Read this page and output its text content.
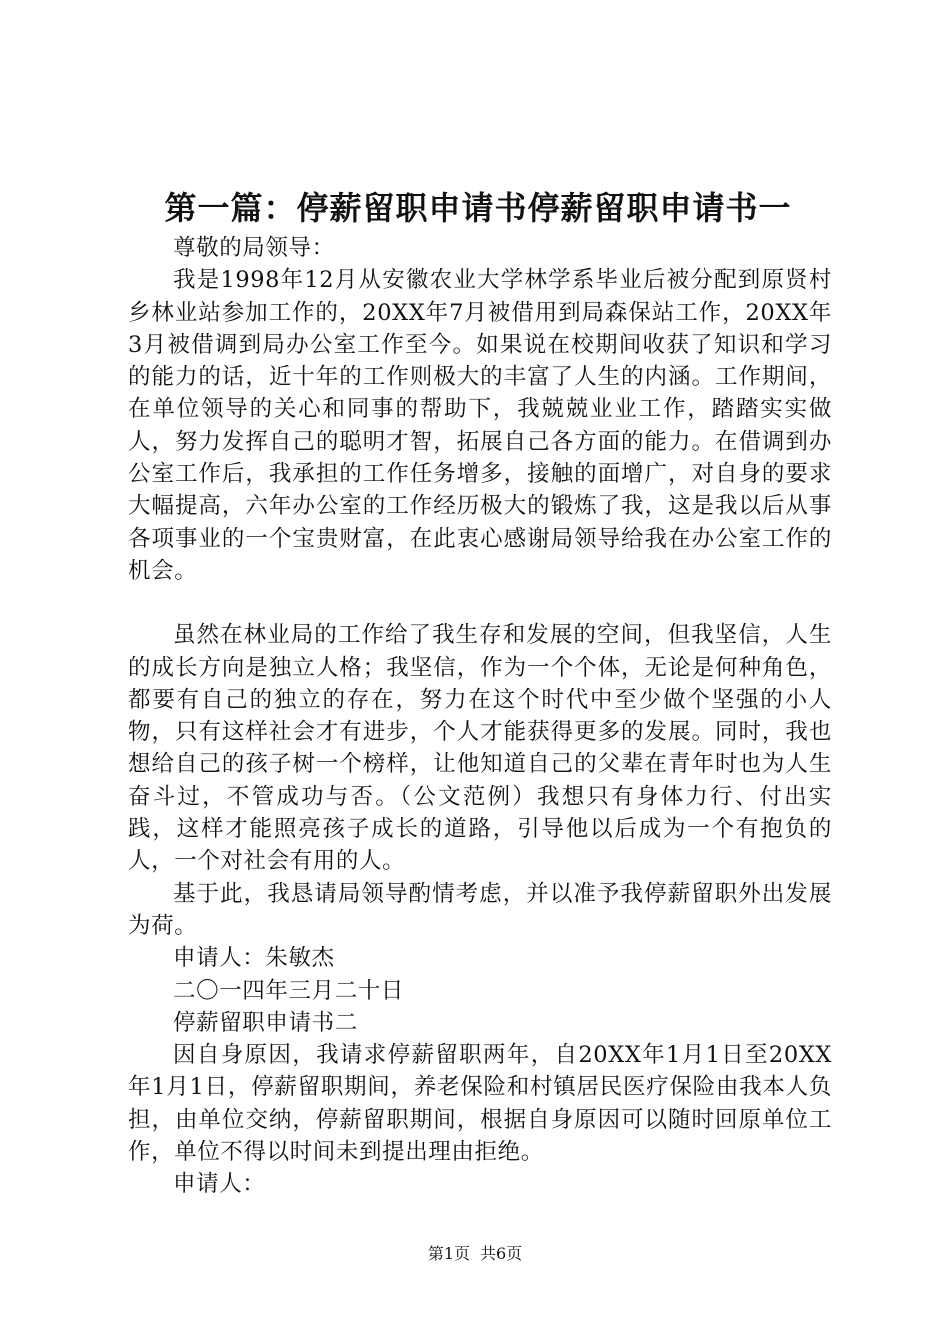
第一篇：停薪留职申请书停薪留职申请书一

尊敬的局领导：

我是1998年12月从安徽农业大学林学系毕业后被分配到原贤村乡林业站参加工作的，20XX年7月被借用到局森保站工作，20XX年3月被借调到局办公室工作至今。如果说在校期间收获了知识和学习的能力的话，近十年的工作则极大的丰富了人生的内涵。工作期间，在单位领导的关心和同事的帮助下，我兢兢业业工作，踏踏实实做人，努力发挥自己的聪明才智，拓展自己各方面的能力。在借调到办公室工作后，我承担的工作任务增多，接触的面增广，对自身的要求大幅提高，六年办公室的工作经历极大的锻炼了我，这是我以后从事各项事业的一个宝贵财富，在此衷心感谢局领导给我在办公室工作的机会。

虽然在林业局的工作给了我生存和发展的空间，但我坚信，人生的成长方向是独立人格；我坚信，作为一个个体，无论是何种角色，都要有自己的独立的存在，努力在这个时代中至少做个坚强的小人物，只有这样社会才有进步，个人才能获得更多的发展。同时，我也想给自己的孩子树一个榜样，让他知道自己的父辈在青年时也为人生奋斗过，不管成功与否。（公文范例）我想只有身体力行、付出实践，这样才能照亮孩子成长的道路，引导他以后成为一个有抱负的人，一个对社会有用的人。

基于此，我恳请局领导酌情考虑，并以准予我停薪留职外出发展为荷。

申请人：朱敏杰

二〇一四年三月二十日

停薪留职申请书二

因自身原因，我请求停薪留职两年，自20XX年1月1日至20XX年1月1日，停薪留职期间，养老保险和村镇居民医疗保险由我本人负担，由单位交纳，停薪留职期间，根据自身原因可以随时回原单位工作，单位不得以时间未到提出理由拒绝。

申请人：

第1页 共6页
